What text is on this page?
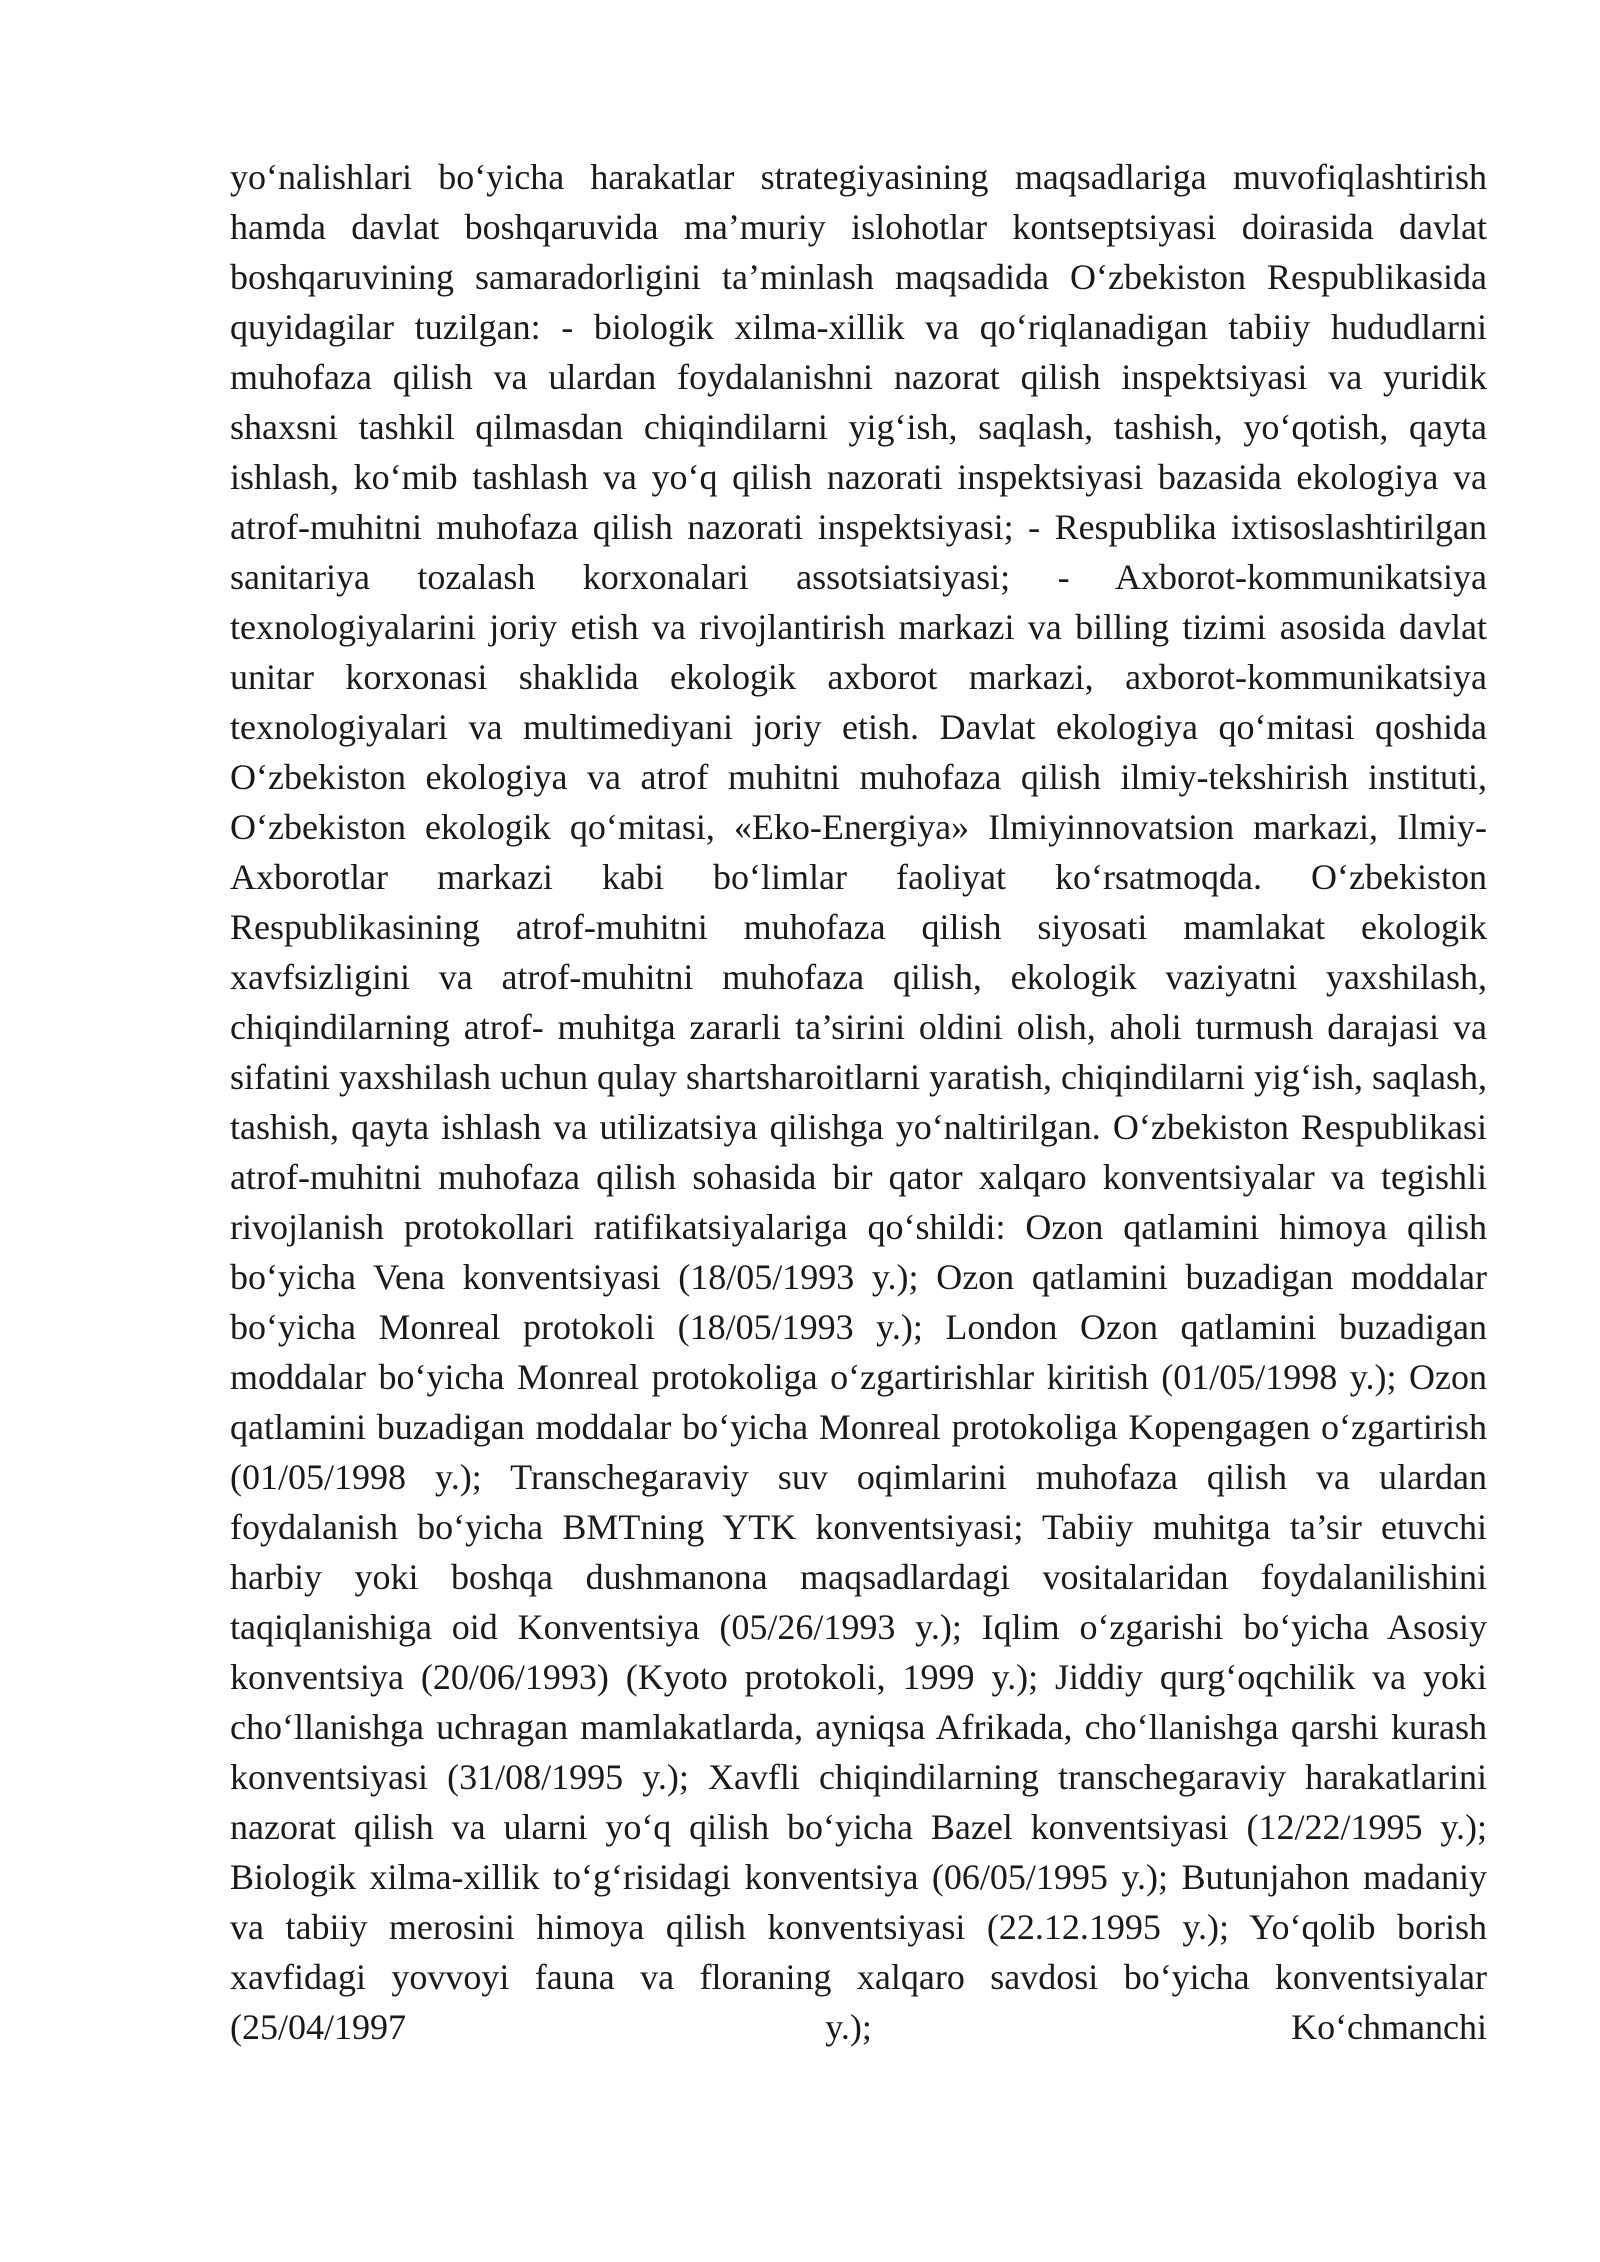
yo‘nalishlari bo‘yicha harakatlar strategiyasining maqsadlariga muvofiqlashtirish hamda davlat boshqaruvida ma’muriy islohotlar kontseptsiyasi doirasida davlat boshqaruvining samaradorligini ta’minlash maqsadida O‘zbekiston Respublikasida quyidagilar tuzilgan: - biologik xilma-xillik va qo‘riqlanadigan tabiiy hududlarni muhofaza qilish va ulardan foydalanishni nazorat qilish inspektsiyasi va yuridik shaxsni tashkil qilmasdan chiqindilarni yig‘ish, saqlash, tashish, yo‘qotish, qayta ishlash, ko‘mib tashlash va yo‘q qilish nazorati inspektsiyasi bazasida ekologiya va atrof-muhitni muhofaza qilish nazorati inspektsiyasi; - Respublika ixtisoslashtirilgan sanitariya tozalash korxonalari assotsiatsiyasi; - Axborot-kommunikatsiya texnologiyalarini joriy etish va rivojlantirish markazi va billing tizimi asosida davlat unitar korxonasi shaklida ekologik axborot markazi, axborot-kommunikatsiya texnologiyalari va multimediyani joriy etish. Davlat ekologiya qo‘mitasi qoshida O‘zbekiston ekologiya va atrof muhitni muhofaza qilish ilmiy-tekshirish instituti, O‘zbekiston ekologik qo‘mitasi, «Eko-Energiya» Ilmiyinnovatsion markazi, Ilmiy-Axborotlar markazi kabi bo‘limlar faoliyat ko‘rsatmoqda. O‘zbekiston Respublikasining atrof-muhitni muhofaza qilish siyosati mamlakat ekologik xavfsizligini va atrof-muhitni muhofaza qilish, ekologik vaziyatni yaxshilash, chiqindilarning atrof- muhitga zararli ta’sirini oldini olish, aholi turmush darajasi va sifatini yaxshilash uchun qulay shartsharoitlarni yaratish, chiqindilarni yig‘ish, saqlash, tashish, qayta ishlash va utilizatsiya qilishga yo‘naltirilgan. O‘zbekiston Respublikasi atrof-muhitni muhofaza qilish sohasida bir qator xalqaro konventsiyalar va tegishli rivojlanish protokollari ratifikatsiyalariga qo‘shildi: Ozon qatlamini himoya qilish bo‘yicha Vena konventsiyasi (18/05/1993 y.); Ozon qatlamini buzadigan moddalar bo‘yicha Monreal protokoli (18/05/1993 y.); London Ozon qatlamini buzadigan moddalar bo‘yicha Monreal protokoliga o‘zgartirishlar kiritish (01/05/1998 y.); Ozon qatlamini buzadigan moddalar bo‘yicha Monreal protokoliga Kopengagen o‘zgartirish (01/05/1998 y.); Transchegaraviy suv oqimlarini muhofaza qilish va ulardan foydalanish bo‘yicha BMTning YTK konventsiyasi; Tabiiy muhitga ta’sir etuvchi harbiy yoki boshqa dushmanona maqsadlardagi vositalaridan foydalanilishini taqiqlanishiga oid Konventsiya (05/26/1993 y.); Iqlim o‘zgarishi bo‘yicha Asosiy konventsiya (20/06/1993) (Kyoto protokoli, 1999 y.); Jiddiy qurg‘oqchilik va yoki cho‘llanishga uchragan mamlakatlarda, ayniqsa Afrikada, cho‘llanishga qarshi kurash konventsiyasi (31/08/1995 y.); Xavfli chiqindilarning transchegaraviy harakatlarini nazorat qilish va ularni yo‘q qilish bo‘yicha Bazel konventsiyasi (12/22/1995 y.); Biologik xilma-xillik to‘g‘risidagi konventsiya (06/05/1995 y.); Butunjahon madaniy va tabiiy merosini himoya qilish konventsiyasi (22.12.1995 y.); Yo‘qolib borish xavfidagi yovvoyi fauna va floraning xalqaro savdosi bo‘yicha konventsiyalar (25/04/1997 y.); Ko‘chmanchi
